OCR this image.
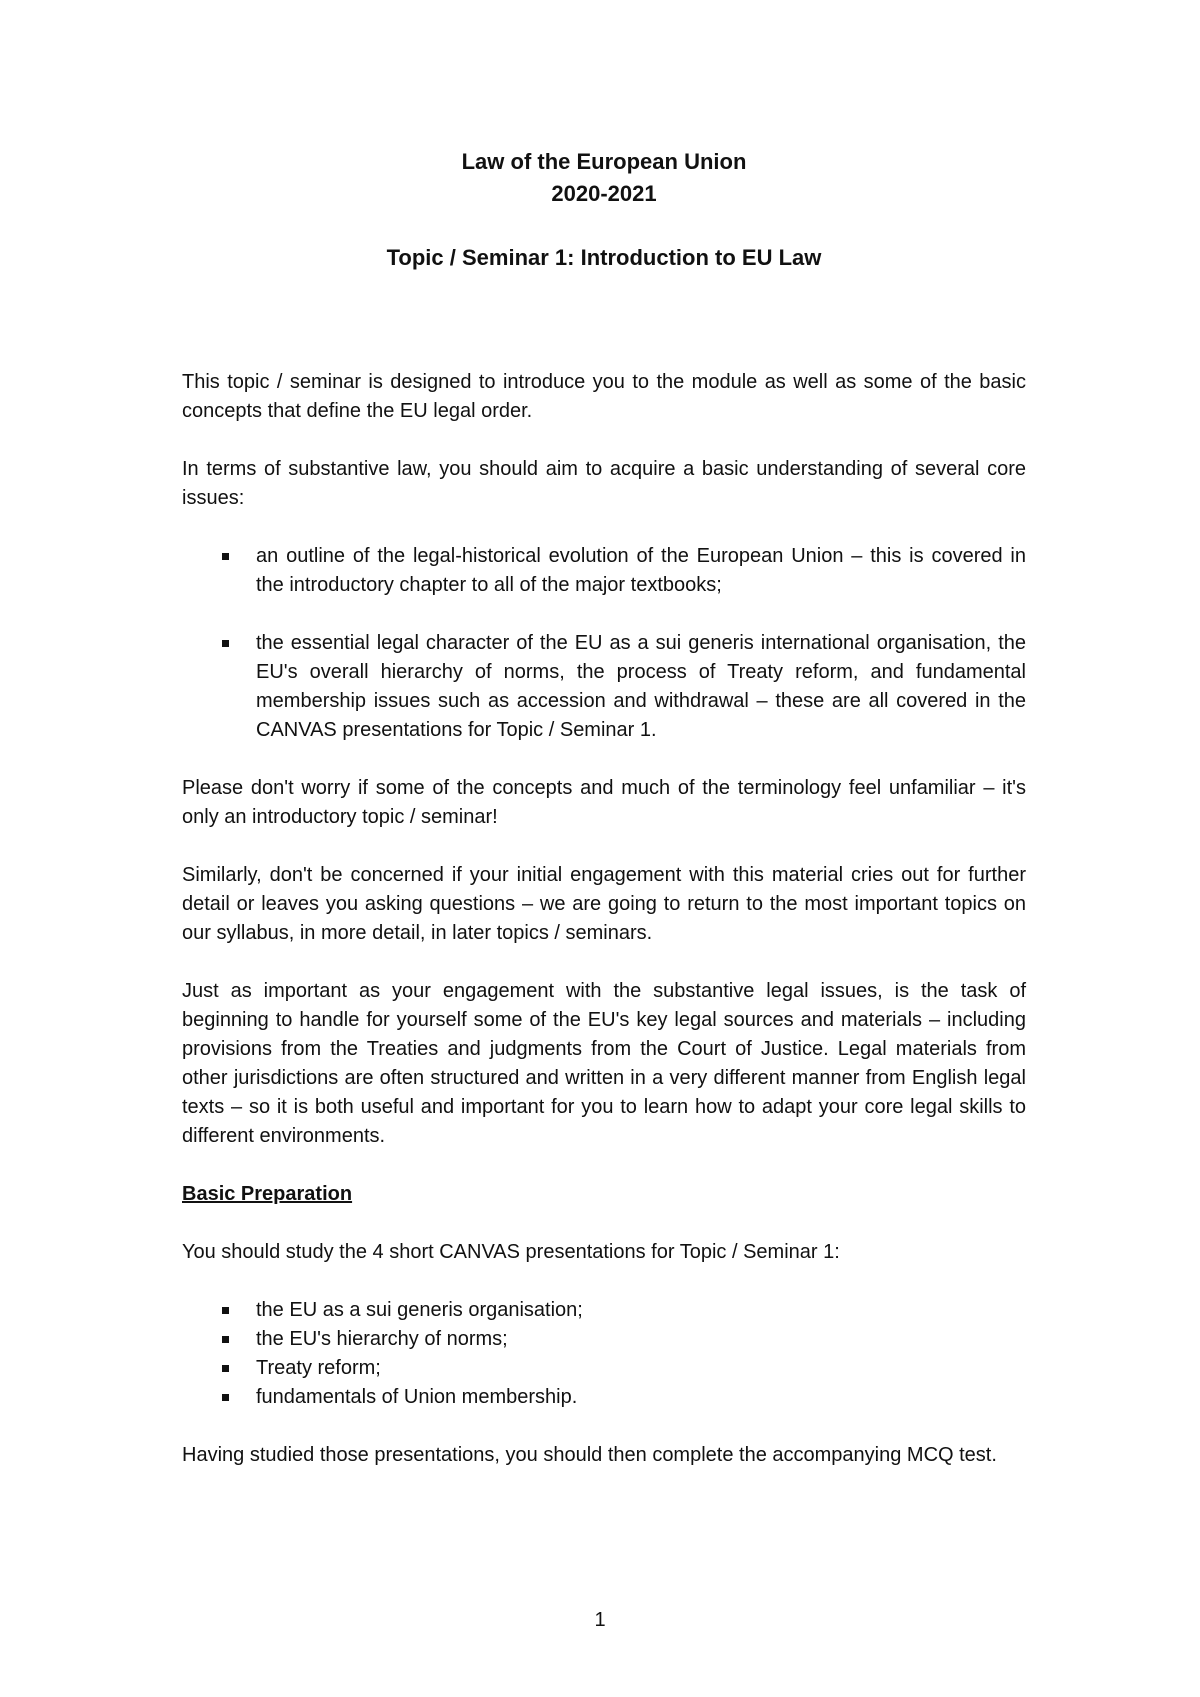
Law of the European Union
2020-2021
Topic / Seminar 1: Introduction to EU Law

This topic / seminar is designed to introduce you to the module as well as some of the basic concepts that define the EU legal order.

In terms of substantive law, you should aim to acquire a basic understanding of several core issues:

an outline of the legal-historical evolution of the European Union – this is covered in the introductory chapter to all of the major textbooks;
the essential legal character of the EU as a sui generis international organisation, the EU's overall hierarchy of norms, the process of Treaty reform, and fundamental membership issues such as accession and withdrawal – these are all covered in the CANVAS presentations for Topic / Seminar 1.

Please don't worry if some of the concepts and much of the terminology feel unfamiliar – it's only an introductory topic / seminar!

Similarly, don't be concerned if your initial engagement with this material cries out for further detail or leaves you asking questions – we are going to return to the most important topics on our syllabus, in more detail, in later topics / seminars.

Just as important as your engagement with the substantive legal issues, is the task of beginning to handle for yourself some of the EU's key legal sources and materials – including provisions from the Treaties and judgments from the Court of Justice. Legal materials from other jurisdictions are often structured and written in a very different manner from English legal texts – so it is both useful and important for you to learn how to adapt your core legal skills to different environments.

Basic Preparation

You should study the 4 short CANVAS presentations for Topic / Seminar 1:

the EU as a sui generis organisation;
the EU's hierarchy of norms;
Treaty reform;
fundamentals of Union membership.

Having studied those presentations, you should then complete the accompanying MCQ test.

1
